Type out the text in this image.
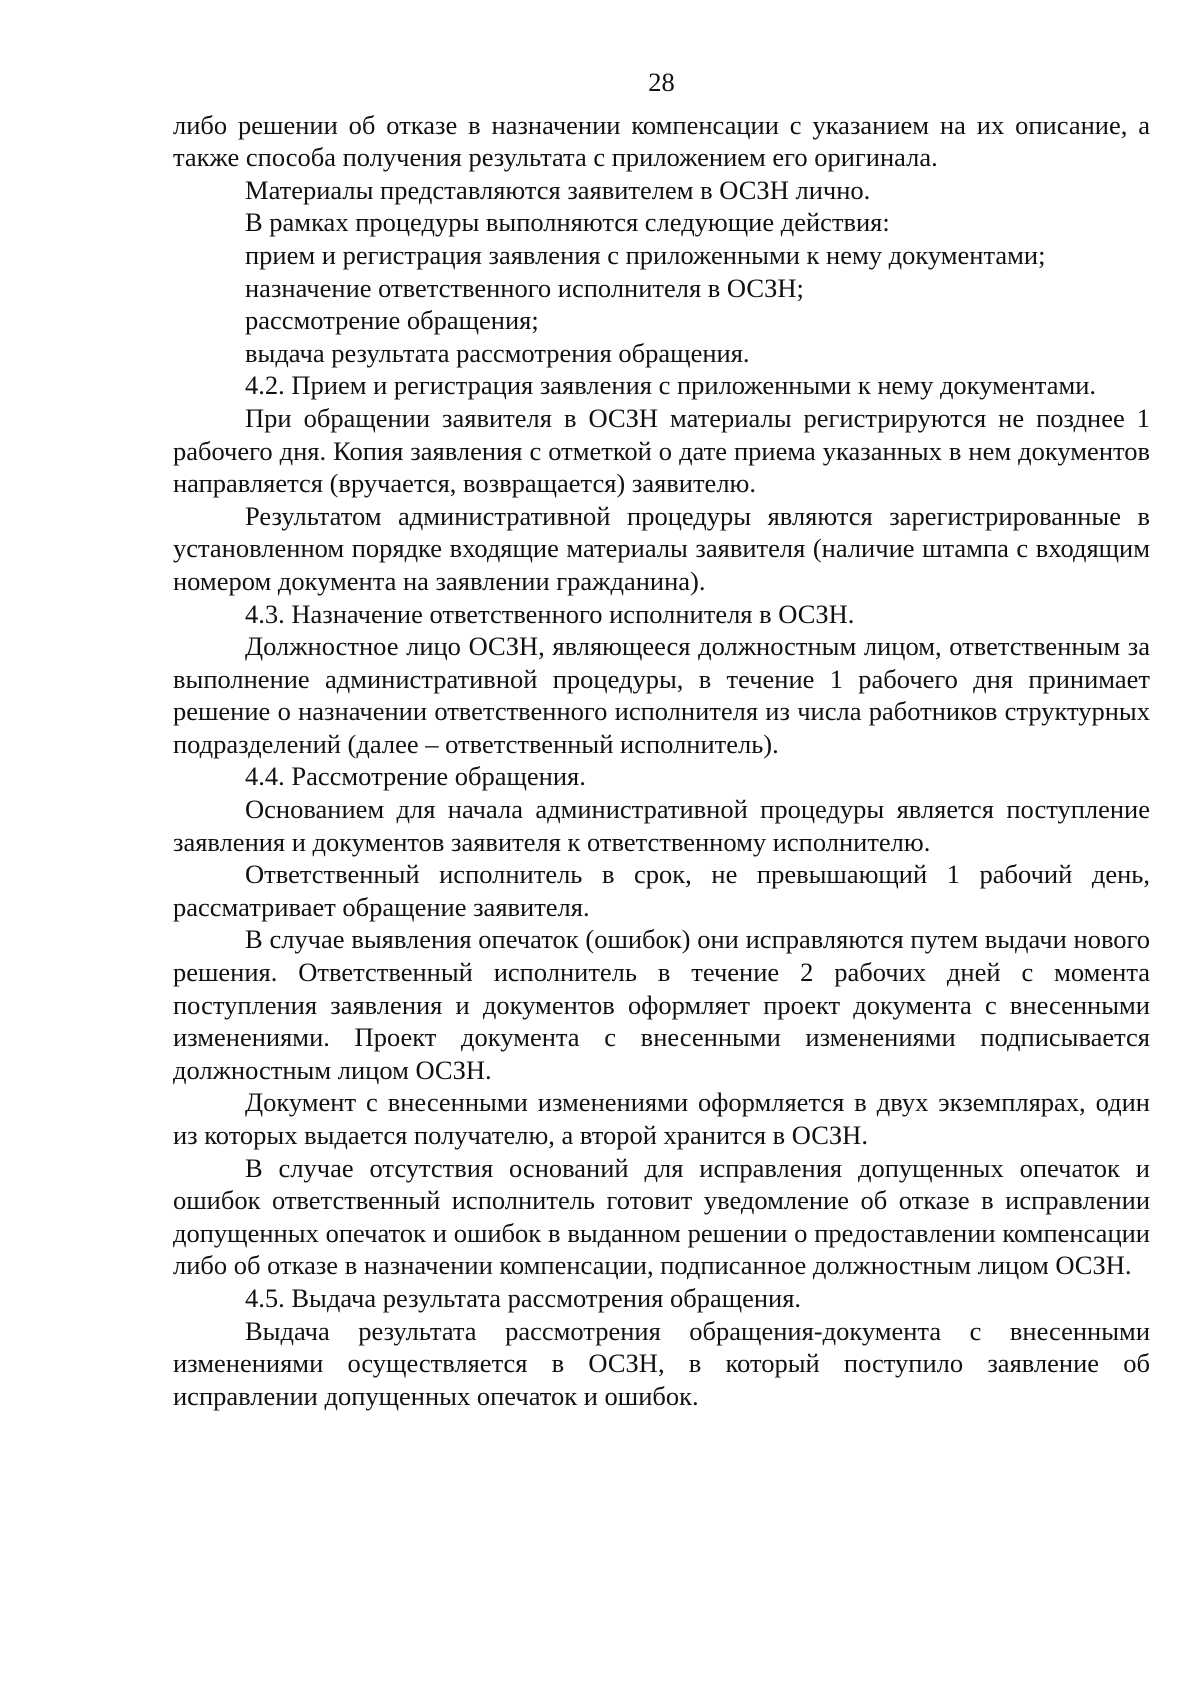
28

либо решении об отказе в назначении компенсации с указанием на их описание, а также способа получения результата с приложением его оригинала.

Материалы представляются заявителем в ОСЗН лично.

В рамках процедуры выполняются следующие действия:

прием и регистрация заявления с приложенными к нему документами;

назначение ответственного исполнителя в ОСЗН;

рассмотрение обращения;

выдача результата рассмотрения обращения.

4.2. Прием и регистрация заявления с приложенными к нему документами.

При обращении заявителя в ОСЗН материалы регистрируются не позднее 1 рабочего дня. Копия заявления с отметкой о дате приема указанных в нем документов направляется (вручается, возвращается) заявителю.

Результатом административной процедуры являются зарегистрированные в установленном порядке входящие материалы заявителя (наличие штампа с входящим номером документа на заявлении гражданина).

4.3. Назначение ответственного исполнителя в ОСЗН.

Должностное лицо ОСЗН, являющееся должностным лицом, ответственным за выполнение административной процедуры, в течение 1 рабочего дня принимает решение о назначении ответственного исполнителя из числа работников структурных подразделений (далее – ответственный исполнитель).

4.4. Рассмотрение обращения.

Основанием для начала административной процедуры является поступление заявления и документов заявителя к ответственному исполнителю.

Ответственный исполнитель в срок, не превышающий 1 рабочий день, рассматривает обращение заявителя.

В случае выявления опечаток (ошибок) они исправляются путем выдачи нового решения. Ответственный исполнитель в течение 2 рабочих дней с момента поступления заявления и документов оформляет проект документа с внесенными изменениями. Проект документа с внесенными изменениями подписывается должностным лицом ОСЗН.

Документ с внесенными изменениями оформляется в двух экземплярах, один из которых выдается получателю, а второй хранится в ОСЗН.

В случае отсутствия оснований для исправления допущенных опечаток и ошибок ответственный исполнитель готовит уведомление об отказе в исправлении допущенных опечаток и ошибок в выданном решении о предоставлении компенсации либо об отказе в назначении компенсации, подписанное должностным лицом ОСЗН.

4.5. Выдача результата рассмотрения обращения.

Выдача результата рассмотрения обращения-документа с внесенными изменениями осуществляется в ОСЗН, в который поступило заявление об исправлении допущенных опечаток и ошибок.
